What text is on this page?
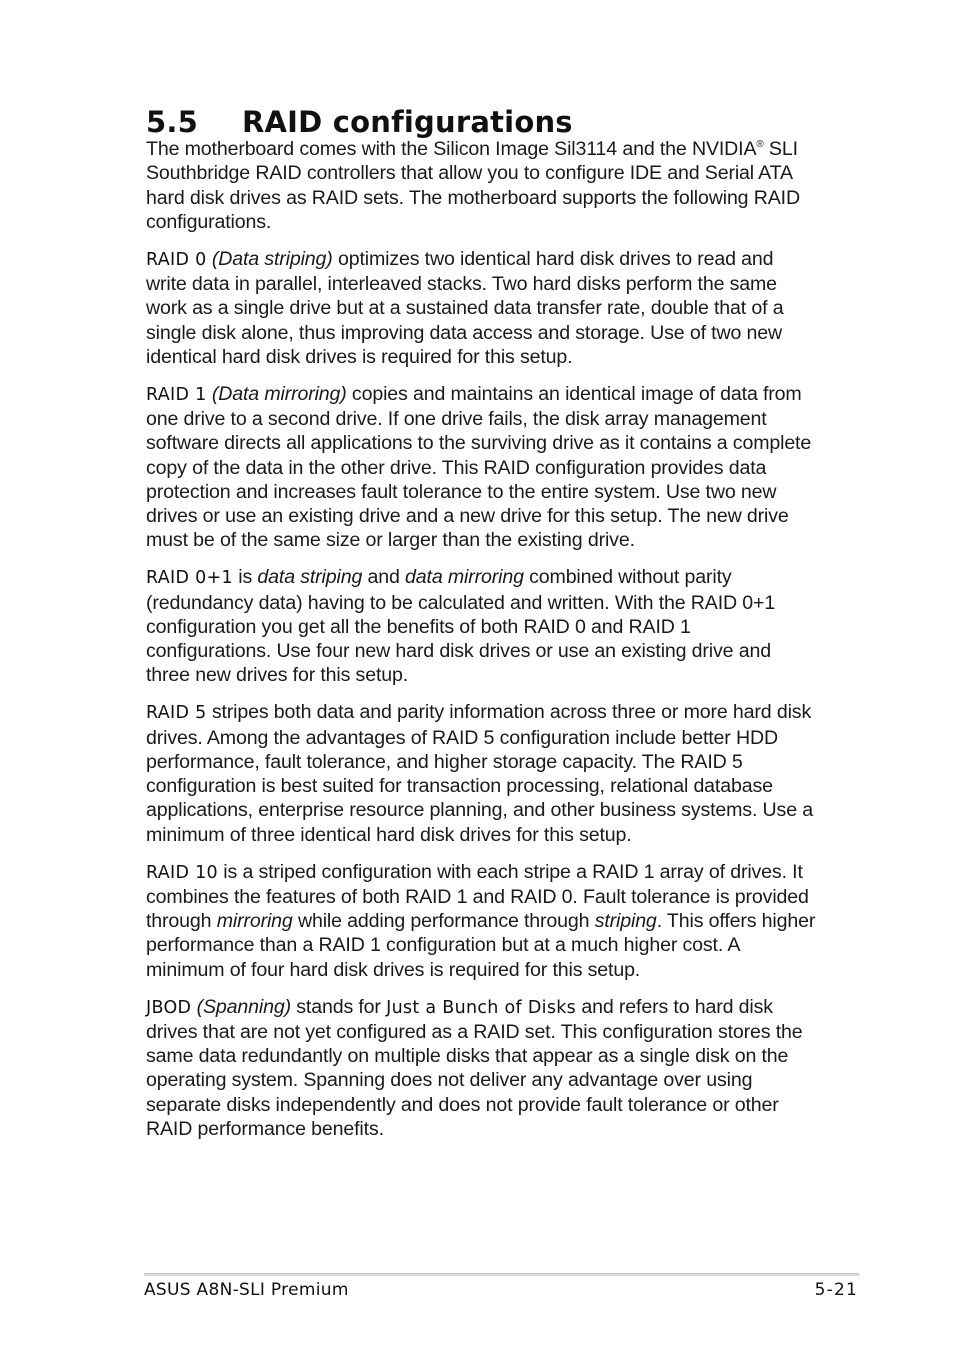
5.5 RAID configurations

The motherboard comes with the Silicon Image Sil3114 and the NVIDIA® SLI Southbridge RAID controllers that allow you to configure IDE and Serial ATA hard disk drives as RAID sets. The motherboard supports the following RAID configurations.

RAID 0 (Data striping) optimizes two identical hard disk drives to read and write data in parallel, interleaved stacks. Two hard disks perform the same work as a single drive but at a sustained data transfer rate, double that of a single disk alone, thus improving data access and storage. Use of two new identical hard disk drives is required for this setup.

RAID 1 (Data mirroring) copies and maintains an identical image of data from one drive to a second drive. If one drive fails, the disk array management software directs all applications to the surviving drive as it contains a complete copy of the data in the other drive. This RAID configuration provides data protection and increases fault tolerance to the entire system. Use two new drives or use an existing drive and a new drive for this setup. The new drive must be of the same size or larger than the existing drive.

RAID 0+1 is data striping and data mirroring combined without parity (redundancy data) having to be calculated and written. With the RAID 0+1 configuration you get all the benefits of both RAID 0 and RAID 1 configurations. Use four new hard disk drives or use an existing drive and three new drives for this setup.

RAID 5 stripes both data and parity information across three or more hard disk drives. Among the advantages of RAID 5 configuration include better HDD performance, fault tolerance, and higher storage capacity. The RAID 5 configuration is best suited for transaction processing, relational database applications, enterprise resource planning, and other business systems. Use a minimum of three identical hard disk drives for this setup.

RAID 10 is a striped configuration with each stripe a RAID 1 array of drives. It combines the features of both RAID 1 and RAID 0. Fault tolerance is provided through mirroring while adding performance through striping. This offers higher performance than a RAID 1 configuration but at a much higher cost. A minimum of four hard disk drives is required for this setup.

JBOD (Spanning) stands for Just a Bunch of Disks and refers to hard disk drives that are not yet configured as a RAID set. This configuration stores the same data redundantly on multiple disks that appear as a single disk on the operating system. Spanning does not deliver any advantage over using separate disks independently and does not provide fault tolerance or other RAID performance benefits.

ASUS A8N-SLI Premium	5-21
